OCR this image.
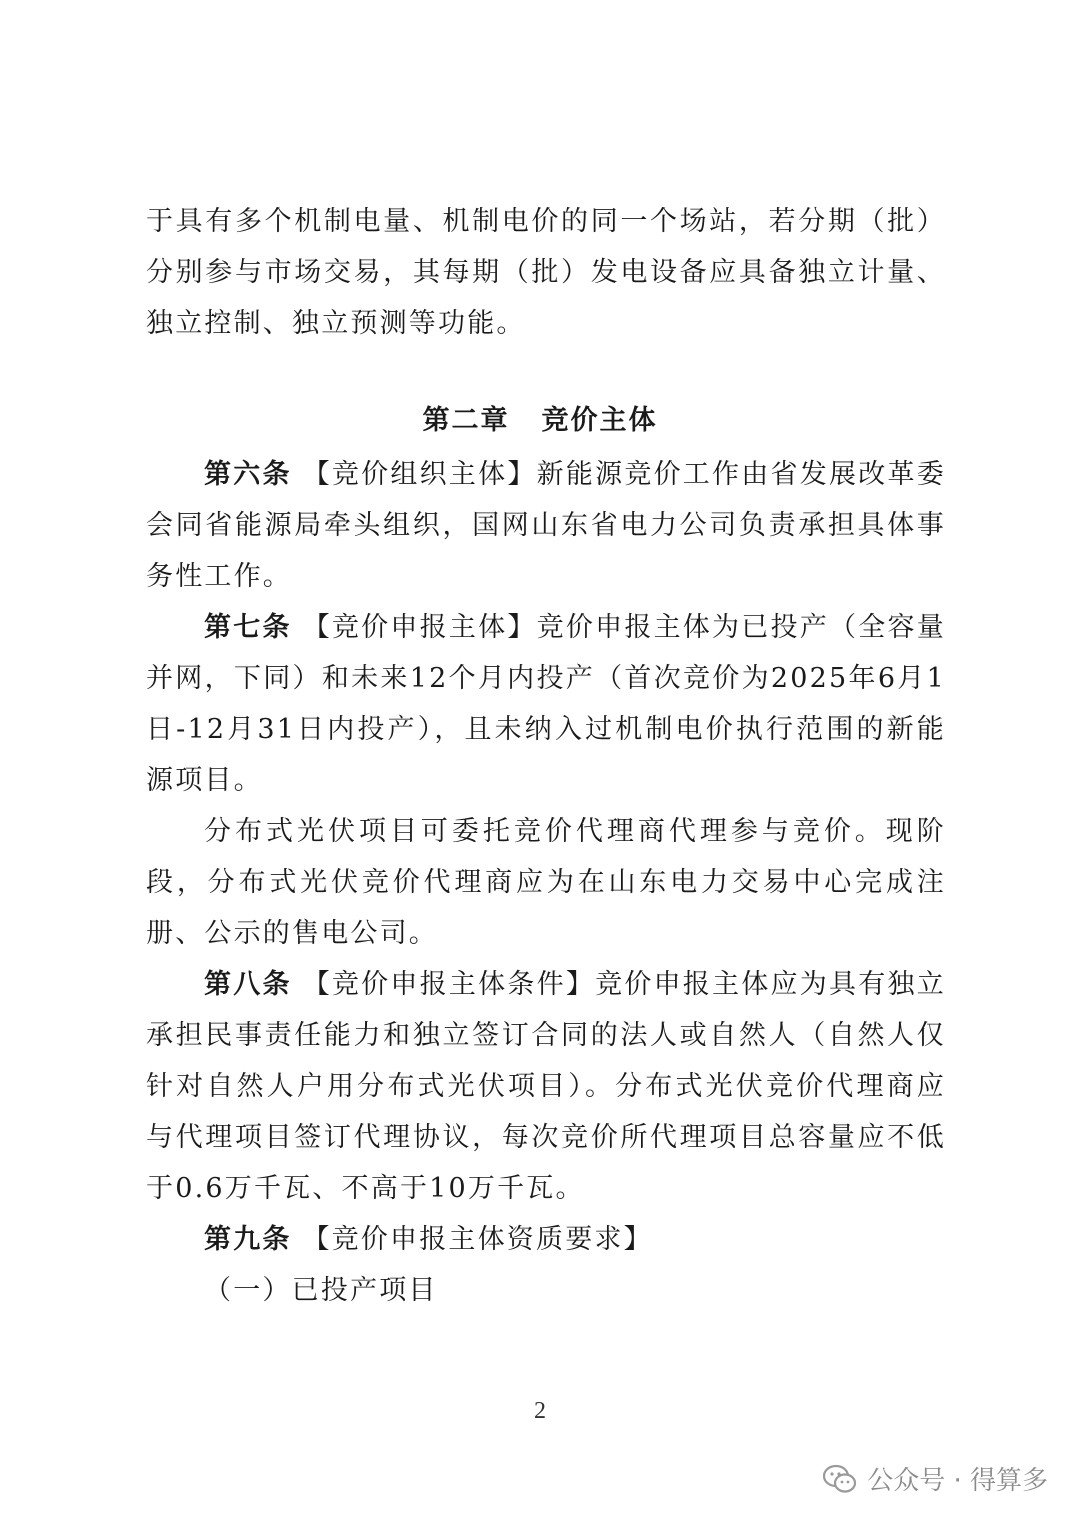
于具有多个机制电量、机制电价的同一个场站，若分期（批）分别参与市场交易，其每期（批）发电设备应具备独立计量、独立控制、独立预测等功能。

第二章 竞价主体

第六条 【竞价组织主体】新能源竞价工作由省发展改革委会同省能源局牵头组织，国网山东省电力公司负责承担具体事务性工作。

第七条 【竞价申报主体】竞价申报主体为已投产（全容量并网，下同）和未来12个月内投产（首次竞价为2025年6月1日-12月31日内投产），且未纳入过机制电价执行范围的新能源项目。

分布式光伏项目可委托竞价代理商代理参与竞价。现阶段，分布式光伏竞价代理商应为在山东电力交易中心完成注册、公示的售电公司。

第八条 【竞价申报主体条件】竞价申报主体应为具有独立承担民事责任能力和独立签订合同的法人或自然人（自然人仅针对自然人户用分布式光伏项目）。分布式光伏竞价代理商应与代理项目签订代理协议，每次竞价所代理项目总容量应不低于0.6万千瓦、不高于10万千瓦。

第九条 【竞价申报主体资质要求】

（一）已投产项目

2
公众号 · 得算多
